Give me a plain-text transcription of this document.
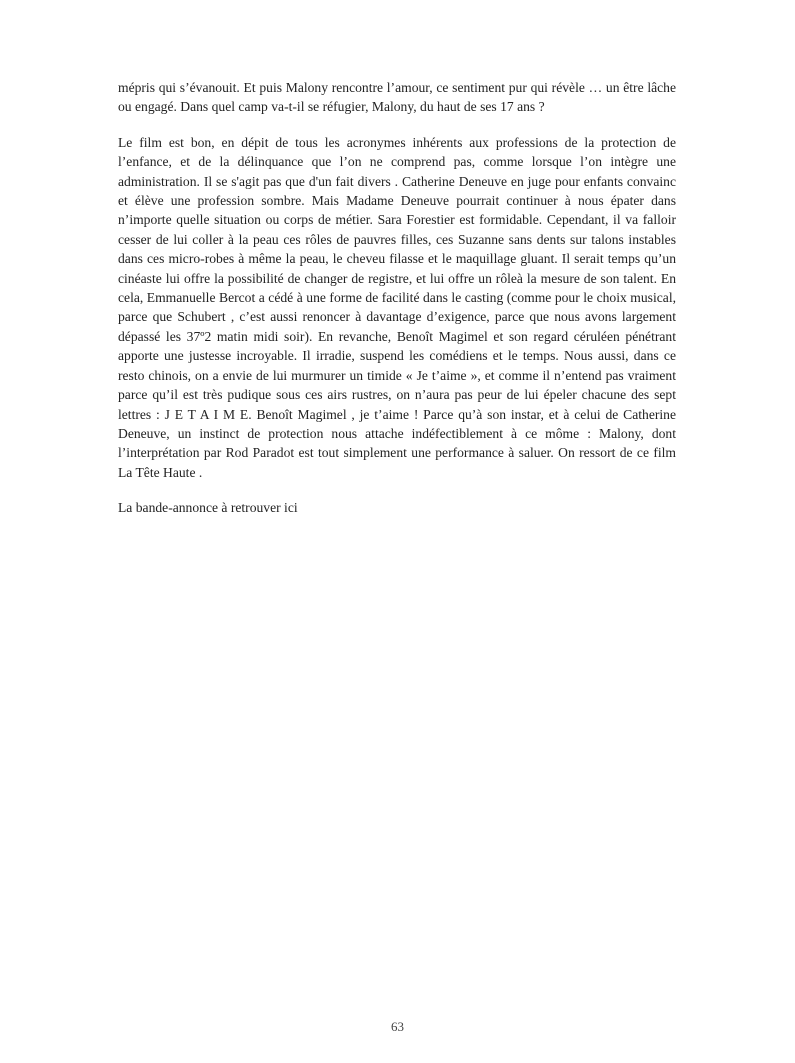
mépris qui s’évanouit. Et puis Malony rencontre l’amour, ce sentiment pur qui révèle … un être lâche ou engagé. Dans quel camp va-t-il se réfugier, Malony, du haut de ses 17 ans ?

Le film est bon, en dépit de tous les acronymes inhérents aux professions de la protection de l’enfance, et de la délinquance que l’on ne comprend pas, comme lorsque l’on intègre une administration. Il se s'agit pas que d'un fait divers . Catherine Deneuve en juge pour enfants convainc et élève une profession sombre. Mais Madame Deneuve pourrait continuer à nous épater dans n’importe quelle situation ou corps de métier. Sara Forestier est formidable. Cependant, il va falloir cesser de lui coller à la peau ces rôles de pauvres filles, ces Suzanne sans dents sur talons instables dans ces micro-robes à même la peau, le cheveu filasse et le maquillage gluant. Il serait temps qu’un cinéaste lui offre la possibilité de changer de registre, et lui offre un rôleà la mesure de son talent. En cela, Emmanuelle Bercot a cédé à une forme de facilité dans le casting (comme pour le choix musical, parce que Schubert , c’est aussi renoncer à davantage d’exigence, parce que nous avons largement dépassé les 37º2 matin midi soir). En revanche, Benoît Magimel et son regard céruléen pénétrant apporte une justesse incroyable. Il irradie, suspend les comédiens et le temps. Nous aussi, dans ce resto chinois, on a envie de lui murmurer un timide « Je t’aime », et comme il n’entend pas vraiment parce qu’il est très pudique sous ces airs rustres, on n’aura pas peur de lui épeler chacune des sept lettres : J E T A I M E. Benoît Magimel , je t’aime ! Parce qu’à son instar, et à celui de Catherine Deneuve, un instinct de protection nous attache indéfectiblement à ce môme : Malony, dont l’interprétation par Rod Paradot est tout simplement une performance à saluer. On ressort de ce film La Tête Haute .

La bande-annonce à retrouver ici

63
